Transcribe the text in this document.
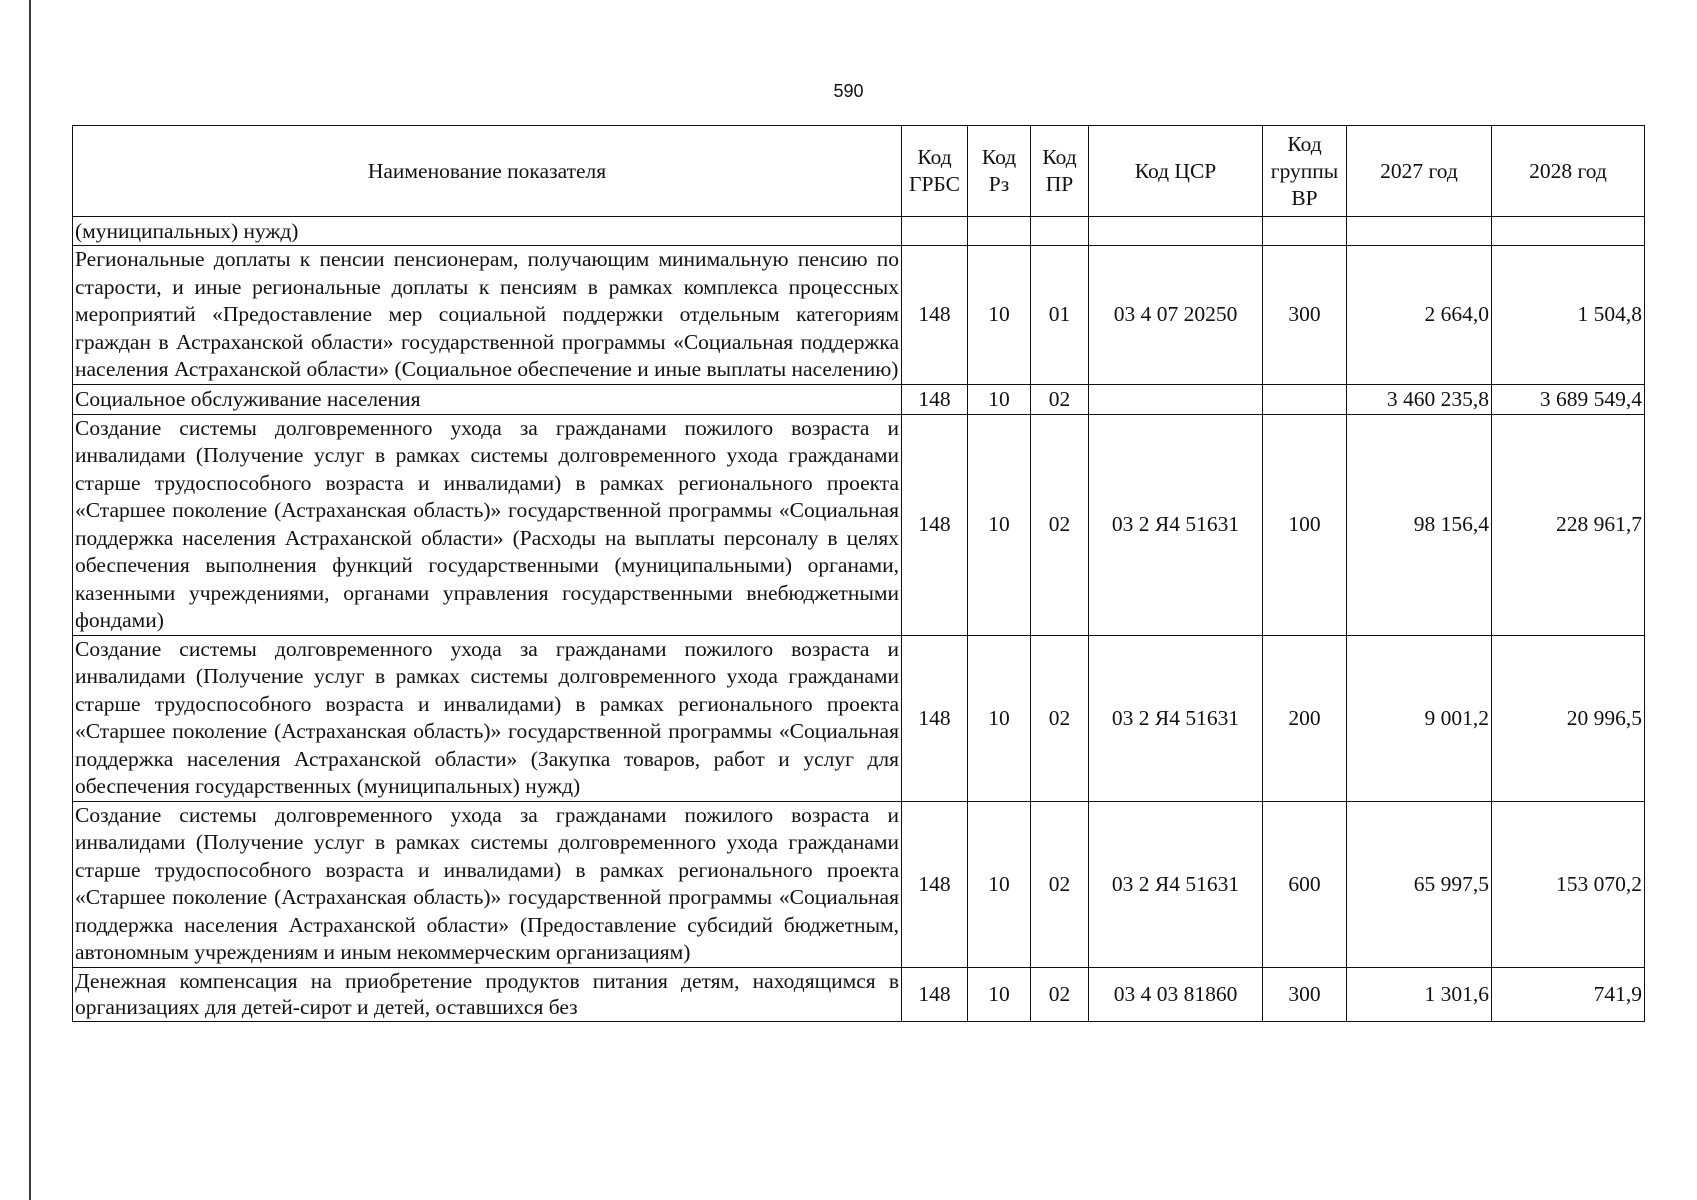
590
Наименование показателя	Код ГРБС	Код Рз	Код ПР	Код ЦСР	Код группы ВР	2027 год	2028 год
(муниципальных) нужд)							
Региональные доплаты к пенсии пенсионерам, получающим минимальную пенсию по старости, и иные региональные доплаты к пенсиям в рамках комплекса процессных мероприятий «Предоставление мер социальной поддержки отдельным категориям граждан в Астраханской области» государственной программы «Социальная поддержка населения Астраханской области» (Социальное обеспечение и иные выплаты населению)	148	10	01	03 4 07 20250	300	2 664,0	1 504,8
Социальное обслуживание населения	148	10	02			3 460 235,8	3 689 549,4
Создание системы долговременного ухода за гражданами пожилого возраста и инвалидами (Получение услуг в рамках системы долговременного ухода гражданами старше трудоспособного возраста и инвалидами) в рамках регионального проекта «Старшее поколение (Астраханская область)» государственной программы «Социальная поддержка населения Астраханской области» (Расходы на выплаты персоналу в целях обеспечения выполнения функций государственными (муниципальными) органами, казенными учреждениями, органами управления государственными внебюджетными фондами)	148	10	02	03 2 Я4 51631	100	98 156,4	228 961,7
Создание системы долговременного ухода за гражданами пожилого возраста и инвалидами (Получение услуг в рамках системы долговременного ухода гражданами старше трудоспособного возраста и инвалидами) в рамках регионального проекта «Старшее поколение (Астраханская область)» государственной программы «Социальная поддержка населения Астраханской области» (Закупка товаров, работ и услуг для обеспечения государственных (муниципальных) нужд)	148	10	02	03 2 Я4 51631	200	9 001,2	20 996,5
Создание системы долговременного ухода за гражданами пожилого возраста и инвалидами (Получение услуг в рамках системы долговременного ухода гражданами старше трудоспособного возраста и инвалидами) в рамках регионального проекта «Старшее поколение (Астраханская область)» государственной программы «Социальная поддержка населения Астраханской области» (Предоставление субсидий бюджетным, автономным учреждениям и иным некоммерческим организациям)	148	10	02	03 2 Я4 51631	600	65 997,5	153 070,2
Денежная компенсация на приобретение продуктов питания детям, находящимся в организациях для детей-сирот и детей, оставшихся без	148	10	02	03 4 03 81860	300	1 301,6	741,9
